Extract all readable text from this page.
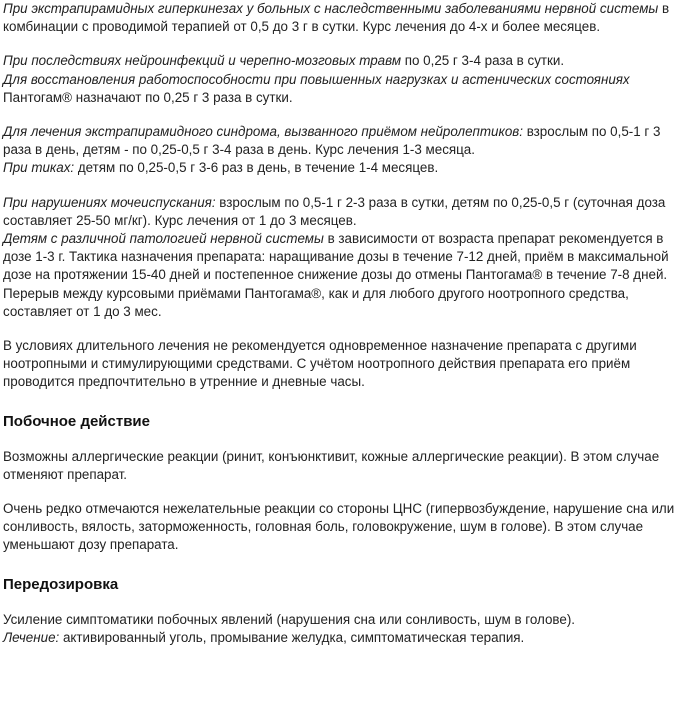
При экстрапирамидных гиперкинезах у больных с наследственными заболеваниями нервной системы в комбинации с проводимой терапией от 0,5 до 3 г в сутки. Курс лечения до 4-х и более месяцев.

При последствиях нейроинфекций и черепно-мозговых травм по 0,25 г 3-4 раза в сутки.
Для восстановления работоспособности при повышенных нагрузках и астенических состояниях Пантогам® назначают по 0,25 г 3 раза в сутки.

Для лечения экстрапирамидного синдрома, вызванного приёмом нейролептиков: взрослым по 0,5-1 г 3 раза в день, детям - по 0,25-0,5 г 3-4 раза в день. Курс лечения 1-3 месяца.
При тиках: детям по 0,25-0,5 г 3-6 раз в день, в течение 1-4 месяцев.

При нарушениях мочеиспускания: взрослым по 0,5-1 г 2-3 раза в сутки, детям по 0,25-0,5 г (суточная доза составляет 25-50 мг/кг). Курс лечения от 1 до 3 месяцев.
Детям с различной патологией нервной системы в зависимости от возраста препарат рекомендуется в дозе 1-3 г. Тактика назначения препарата: наращивание дозы в течение 7-12 дней, приём в максимальной дозе на протяжении 15-40 дней и постепенное снижение дозы до отмены Пантогама® в течение 7-8 дней. Перерыв между курсовыми приёмами Пантогама®, как и для любого другого ноотропного средства, составляет от 1 до 3 мес.

В условиях длительного лечения не рекомендуется одновременное назначение препарата с другими ноотропными и стимулирующими средствами. С учётом ноотропного действия препарата его приём проводится предпочтительно в утренние и дневные часы.

Побочное действие

Возможны аллергические реакции (ринит, конъюнктивит, кожные аллергические реакции). В этом случае отменяют препарат.

Очень редко отмечаются нежелательные реакции со стороны ЦНС (гипервозбуждение, нарушение сна или сонливость, вялость, заторможенность, головная боль, головокружение, шум в голове). В этом случае уменьшают дозу препарата.

Передозировка

Усиление симптоматики побочных явлений (нарушения сна или сонливость, шум в голове).
Лечение: активированный уголь, промывание желудка, симптоматическая терапия.
